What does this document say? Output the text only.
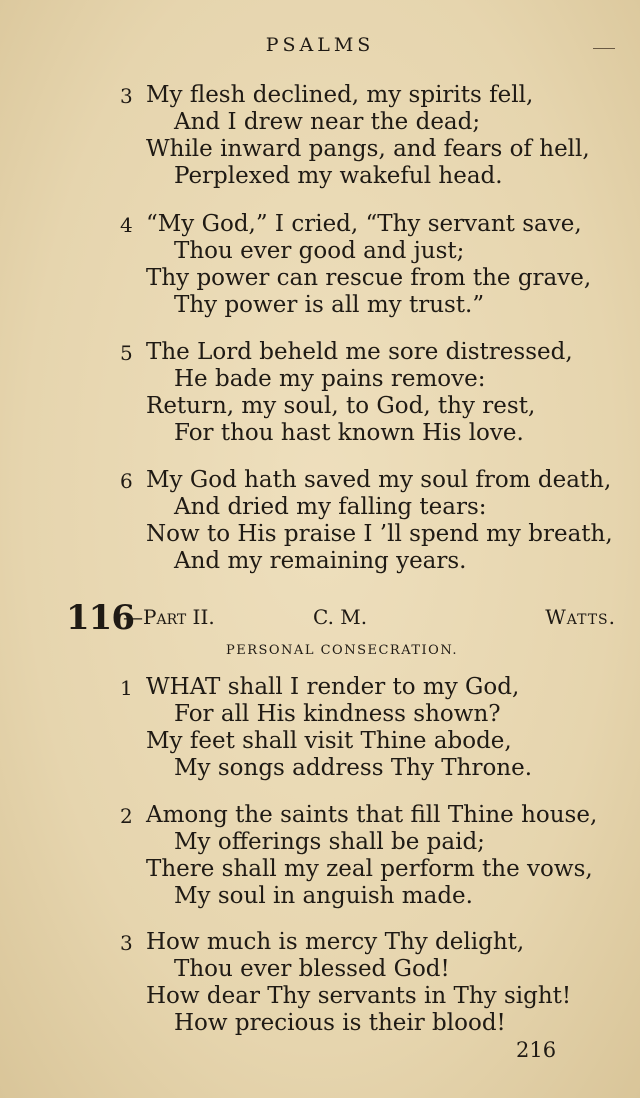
PSALMS
3 My flesh declined, my spirits fell,
And I drew near the dead;
While inward pangs, and fears of hell,
Perplexed my wakeful head.
4 “My God,” I cried, “Thy servant save,
Thou ever good and just;
Thy power can rescue from the grave,
Thy power is all my trust.”
5 The Lord beheld me sore distressed,
He bade my pains remove:
Return, my soul, to God, thy rest,
For thou hast known His love.
6 My God hath saved my soul from death,
And dried my falling tears:
Now to His praise I ’ll spend my breath,
And my remaining years.
116
—Part II.	C. M.	Watts.
PERSONAL CONSECRATION.
1 WHAT shall I render to my God,
For all His kindness shown?
My feet shall visit Thine abode,
My songs address Thy Throne.
2 Among the saints that fill Thine house,
My offerings shall be paid;
There shall my zeal perform the vows,
My soul in anguish made.
3 How much is mercy Thy delight,
Thou ever blessed God!
How dear Thy servants in Thy sight!
How precious is their blood!
216
